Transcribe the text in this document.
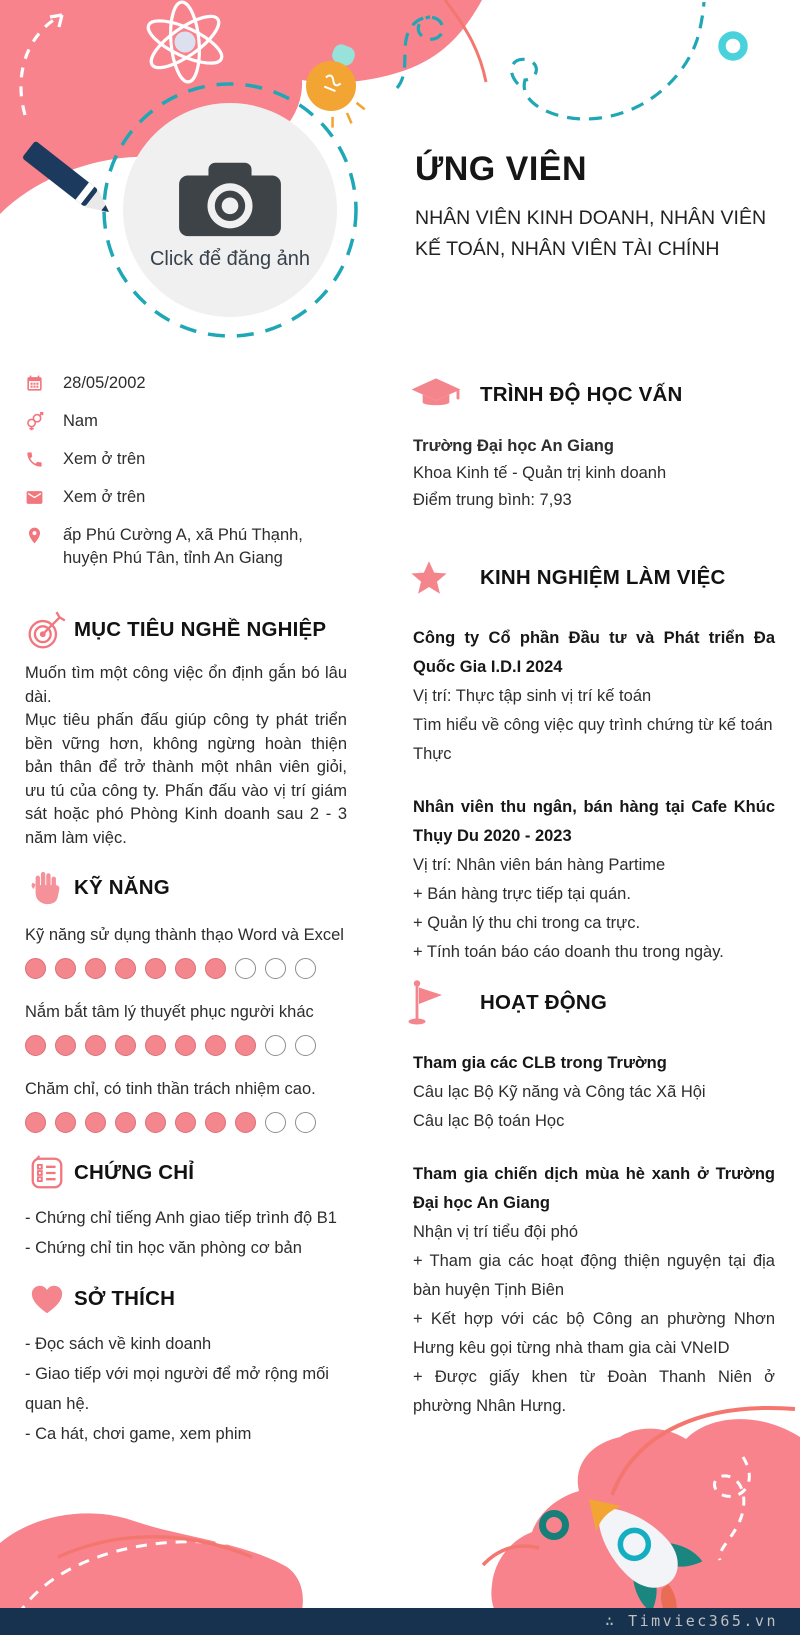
Click để đăng ảnh
ỨNG VIÊN
NHÂN VIÊN KINH DOANH, NHÂN VIÊN KẾ TOÁN, NHÂN VIÊN TÀI CHÍNH
28/05/2002
Nam
Xem ở trên
Xem ở trên
ấp Phú Cường A, xã Phú Thạnh, huyện Phú Tân, tỉnh An Giang
MỤC TIÊU NGHỀ NGHIỆP

Muốn tìm một công việc ổn định gắn bó lâu dài.

Mục tiêu phấn đấu giúp công ty phát triển bền vững hơn, không ngừng hoàn thiện bản thân để trở thành một nhân viên giỏi, ưu tú của công ty. Phấn đấu vào vị trí giám sát hoặc phó Phòng Kinh doanh sau 2 - 3 năm làm việc.

KỸ NĂNG
Kỹ năng sử dụng thành thạo Word và Excel
Nắm bắt tâm lý thuyết phục người khác
Chăm chỉ, có tinh thần trách nhiệm cao.
CHỨNG CHỈ
- Chứng chỉ tiếng Anh giao tiếp trình độ B1
- Chứng chỉ tin học văn phòng cơ bản
SỞ THÍCH
- Đọc sách về kinh doanh
- Giao tiếp với mọi người để mở rộng mối quan hệ.
- Ca hát, chơi game, xem phim
TRÌNH ĐỘ HỌC VẤN
Trường Đại học An Giang
Khoa Kinh tế - Quản trị kinh doanh
Điểm trung bình: 7,93
KINH NGHIỆM LÀM VIỆC
Công ty Cổ phần Đầu tư và Phát triển Đa Quốc Gia I.D.I 2024
Vị trí: Thực tập sinh vị trí kế toán
Tìm hiểu về công việc quy trình chứng từ kế toán
Thực
Nhân viên thu ngân, bán hàng tại Cafe Khúc Thụy Du 2020 - 2023
Vị trí: Nhân viên bán hàng Partime
+ Bán hàng trực tiếp tại quán.
+ Quản lý thu chi trong ca trực.
+ Tính toán báo cáo doanh thu trong ngày.
HOẠT ĐỘNG
Tham gia các CLB trong Trường
Câu lạc Bộ Kỹ năng và Công tác Xã Hội
Câu lạc Bộ toán Học
Tham gia chiến dịch mùa hè xanh ở Trường Đại học An Giang
Nhận vị trí tiểu đội phó
+ Tham gia các hoạt động thiện nguyện tại địa bàn huyện Tịnh Biên
+ Kết hợp với các bộ Công an phường Nhơn Hưng kêu gọi từng nhà tham gia cài VNeID
+ Được giấy khen từ Đoàn Thanh Niên ở phường Nhân Hưng.
∴ Timviec365.vn
